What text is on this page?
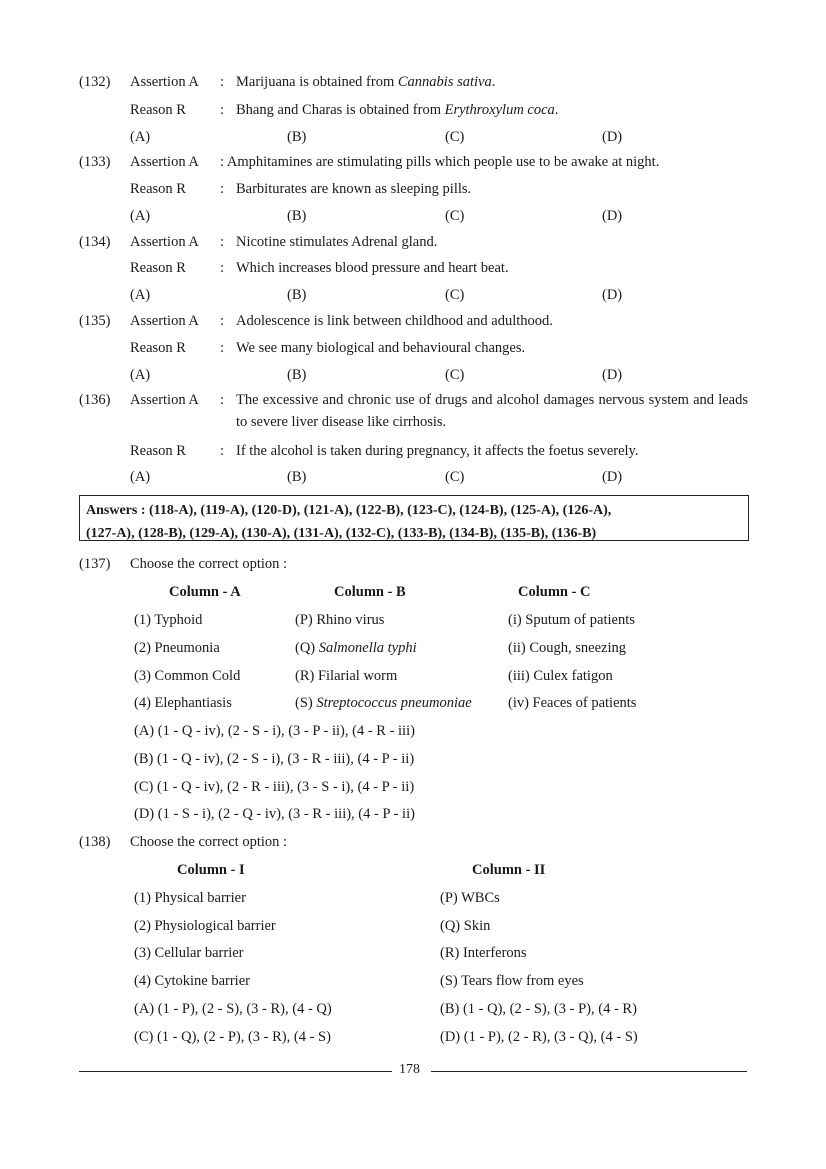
(132) Assertion A : Marijuana is obtained from Cannabis sativa.
Reason R : Bhang and Charas is obtained from Erythroxylum coca.
(A)	(B)	(C)	(D)
(133) Assertion A : Amphitamines are stimulating pills which people use to be awake at night.
Reason R : Barbiturates are known as sleeping pills.
(A)	(B)	(C)	(D)
(134) Assertion A : Nicotine stimulates Adrenal gland.
Reason R : Which increases blood pressure and heart beat.
(A)	(B)	(C)	(D)
(135) Assertion A : Adolescence is link between childhood and adulthood.
Reason R : We see many biological and behavioural changes.
(A)	(B)	(C)	(D)
(136) Assertion A : The excessive and chronic use of drugs and alcohol damages nervous system and leads to severe liver disease like cirrhosis.
Reason R : If the alcohol is taken during pregnancy, it affects the foetus severely.
(A)	(B)	(C)	(D)
Answers : (118-A), (119-A), (120-D), (121-A), (122-B), (123-C), (124-B), (125-A), (126-A),
(127-A), (128-B), (129-A), (130-A), (131-A), (132-C), (133-B), (134-B), (135-B), (136-B)
(137) Choose the correct option :
Column - A	Column - B	Column - C
(1) Typhoid	(P) Rhino virus	(i) Sputum of patients
(2) Pneumonia	(Q) Salmonella typhi	(ii) Cough, sneezing
(3) Common Cold	(R) Filarial worm	(iii) Culex fatigon
(4) Elephantiasis	(S) Streptococcus pneumoniae	(iv) Feaces of patients
(A) (1 - Q - iv), (2 - S - i), (3 - P - ii), (4 - R - iii)
(B) (1 - Q - iv), (2 - S - i), (3 - R - iii), (4 - P - ii)
(C) (1 - Q - iv), (2 - R - iii), (3 - S - i), (4 - P - ii)
(D) (1 - S - i), (2 - Q - iv), (3 - R - iii), (4 - P - ii)
(138) Choose the correct option :
Column - I	Column - II
(1) Physical barrier	(P) WBCs
(2) Physiological barrier	(Q) Skin
(3) Cellular barrier	(R) Interferons
(4) Cytokine barrier	(S) Tears flow from eyes
(A) (1 - P), (2 - S), (3 - R), (4 - Q)	(B) (1 - Q), (2 - S), (3 - P), (4 - R)
(C) (1 - Q), (2 - P), (3 - R), (4 - S)	(D) (1 - P), (2 - R), (3 - Q), (4 - S)
178
